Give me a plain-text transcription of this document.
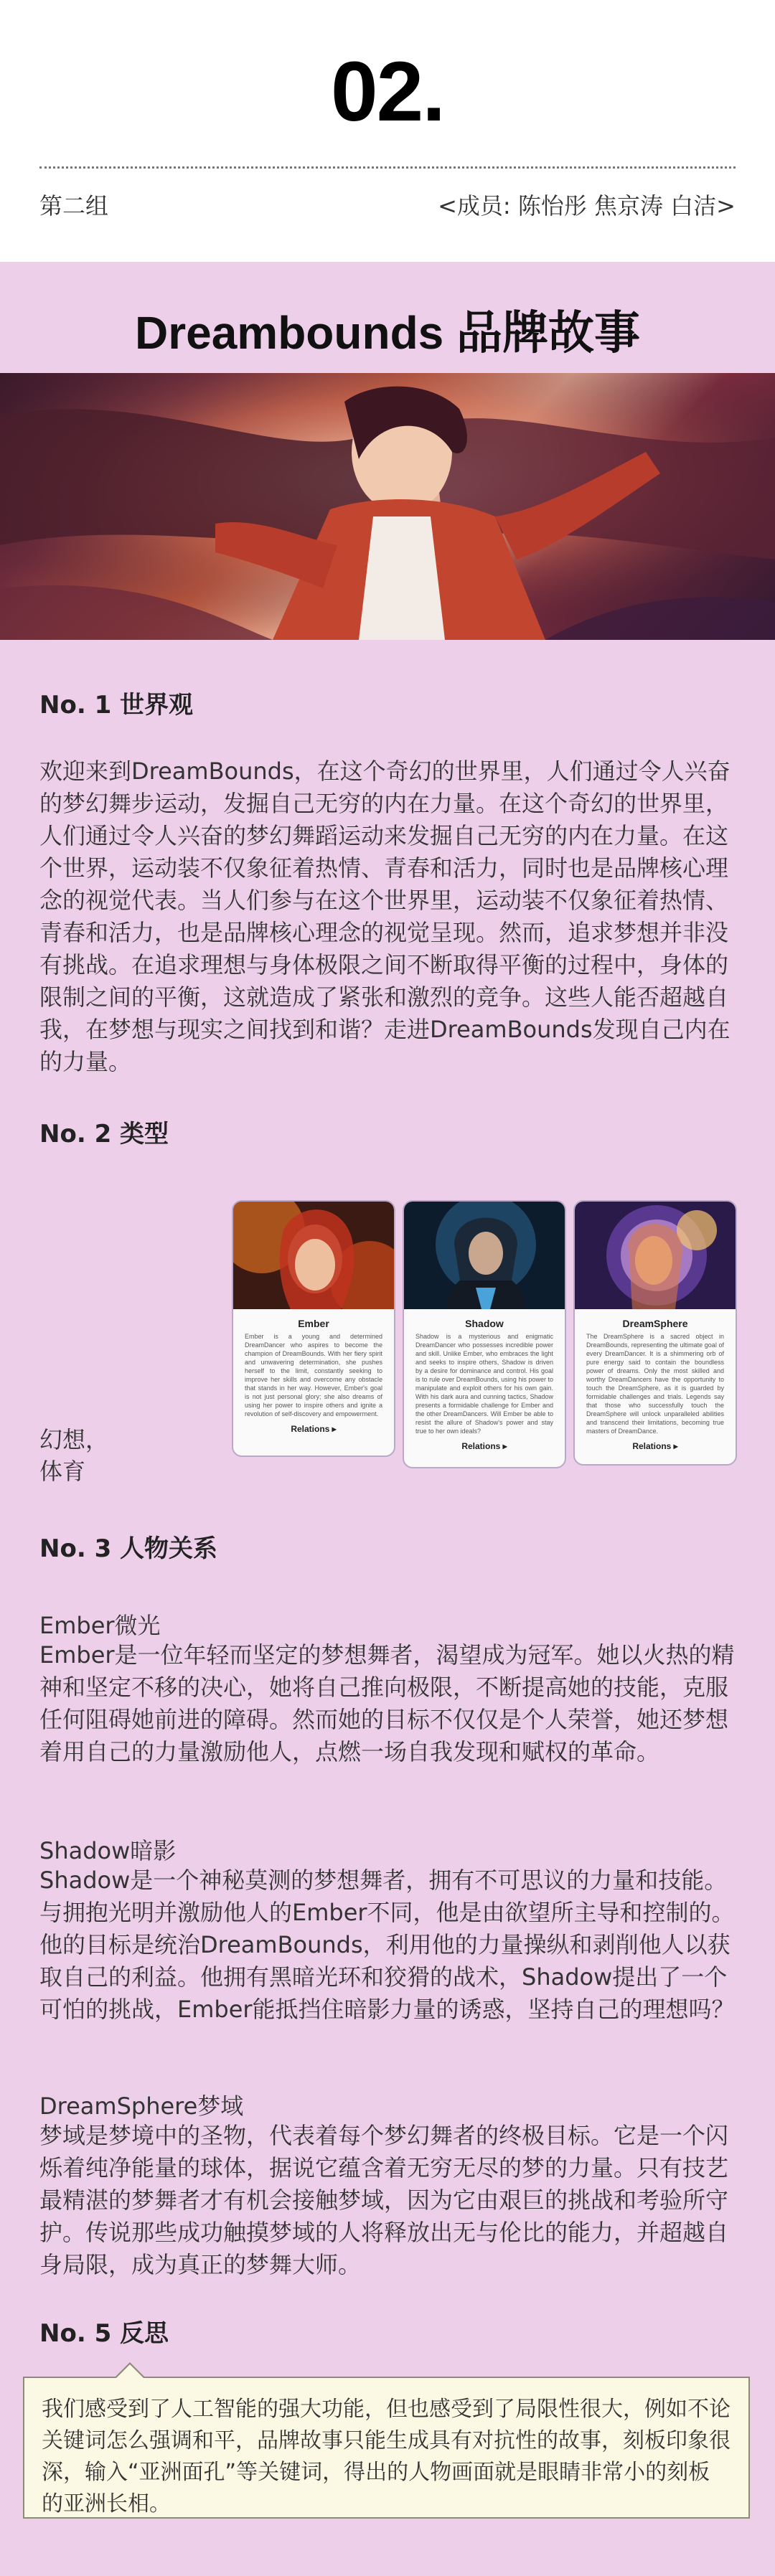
02.
第二组	<成员: 陈怡彤 焦京涛 白洁>
Dreambounds 品牌故事
No. 1 世界观
欢迎来到DreamBounds，在这个奇幻的世界里，人们通过令人兴奋的梦幻舞步运动，发掘自己无穷的内在力量。在这个奇幻的世界里，人们通过令人兴奋的梦幻舞蹈运动来发掘自己无穷的内在力量。在这个世界，运动装不仅象征着热情、青春和活力，同时也是品牌核心理念的视觉代表。当人们参与在这个世界里，运动装不仅象征着热情、青春和活力，也是品牌核心理念的视觉呈现。然而，追求梦想并非没有挑战。在追求理想与身体极限之间不断取得平衡的过程中，身体的限制之间的平衡，这就造成了紧张和激烈的竞争。这些人能否超越自我，在梦想与现实之间找到和谐？走进DreamBounds发现自己内在的力量。
No. 2 类型
Ember
Ember is a young and determined DreamDancer who aspires to become the champion of DreamBounds. With her fiery spirit and unwavering determination, she pushes herself to the limit, constantly seeking to improve her skills and overcome any obstacle that stands in her way. However, Ember's goal is not just personal glory; she also dreams of using her power to inspire others and ignite a revolution of self-discovery and empowerment.
Relations ▸
Shadow
Shadow is a mysterious and enigmatic DreamDancer who possesses incredible power and skill. Unlike Ember, who embraces the light and seeks to inspire others, Shadow is driven by a desire for dominance and control. His goal is to rule over DreamBounds, using his power to manipulate and exploit others for his own gain. With his dark aura and cunning tactics, Shadow presents a formidable challenge for Ember and the other DreamDancers. Will Ember be able to resist the allure of Shadow's power and stay true to her own ideals?
Relations ▸
DreamSphere
The DreamSphere is a sacred object in DreamBounds, representing the ultimate goal of every DreamDancer. It is a shimmering orb of pure energy said to contain the boundless power of dreams. Only the most skilled and worthy DreamDancers have the opportunity to touch the DreamSphere, as it is guarded by formidable challenges and trials. Legends say that those who successfully touch the DreamSphere will unlock unparalleled abilities and transcend their limitations, becoming true masters of DreamDance.
Relations ▸
幻想，
体育
No. 3 人物关系
Ember微光
Ember是一位年轻而坚定的梦想舞者，渴望成为冠军。她以火热的精神和坚定不移的决心，她将自己推向极限，不断提高她的技能，克服任何阻碍她前进的障碍。然而她的目标不仅仅是个人荣誉，她还梦想着用自己的力量激励他人，点燃一场自我发现和赋权的革命。
Shadow暗影
Shadow是一个神秘莫测的梦想舞者，拥有不可思议的力量和技能。与拥抱光明并激励他人的Ember不同，他是由欲望所主导和控制的。他的目标是统治DreamBounds，利用他的力量操纵和剥削他人以获取自己的利益。他拥有黑暗光环和狡猾的战术，Shadow提出了一个可怕的挑战，Ember能抵挡住暗影力量的诱惑，坚持自己的理想吗？
DreamSphere梦域
梦域是梦境中的圣物，代表着每个梦幻舞者的终极目标。它是一个闪烁着纯净能量的球体，据说它蕴含着无穷无尽的梦的力量。只有技艺最精湛的梦舞者才有机会接触梦域，因为它由艰巨的挑战和考验所守护。传说那些成功触摸梦域的人将释放出无与伦比的能力，并超越自身局限，成为真正的梦舞大师。
No. 5 反思
我们感受到了人工智能的强大功能，但也感受到了局限性很大，例如不论关键词怎么强调和平，品牌故事只能生成具有对抗性的故事，刻板印象很深，输入“亚洲面孔”等关键词，得出的人物画面就是眼睛非常小的刻板的亚洲长相。
